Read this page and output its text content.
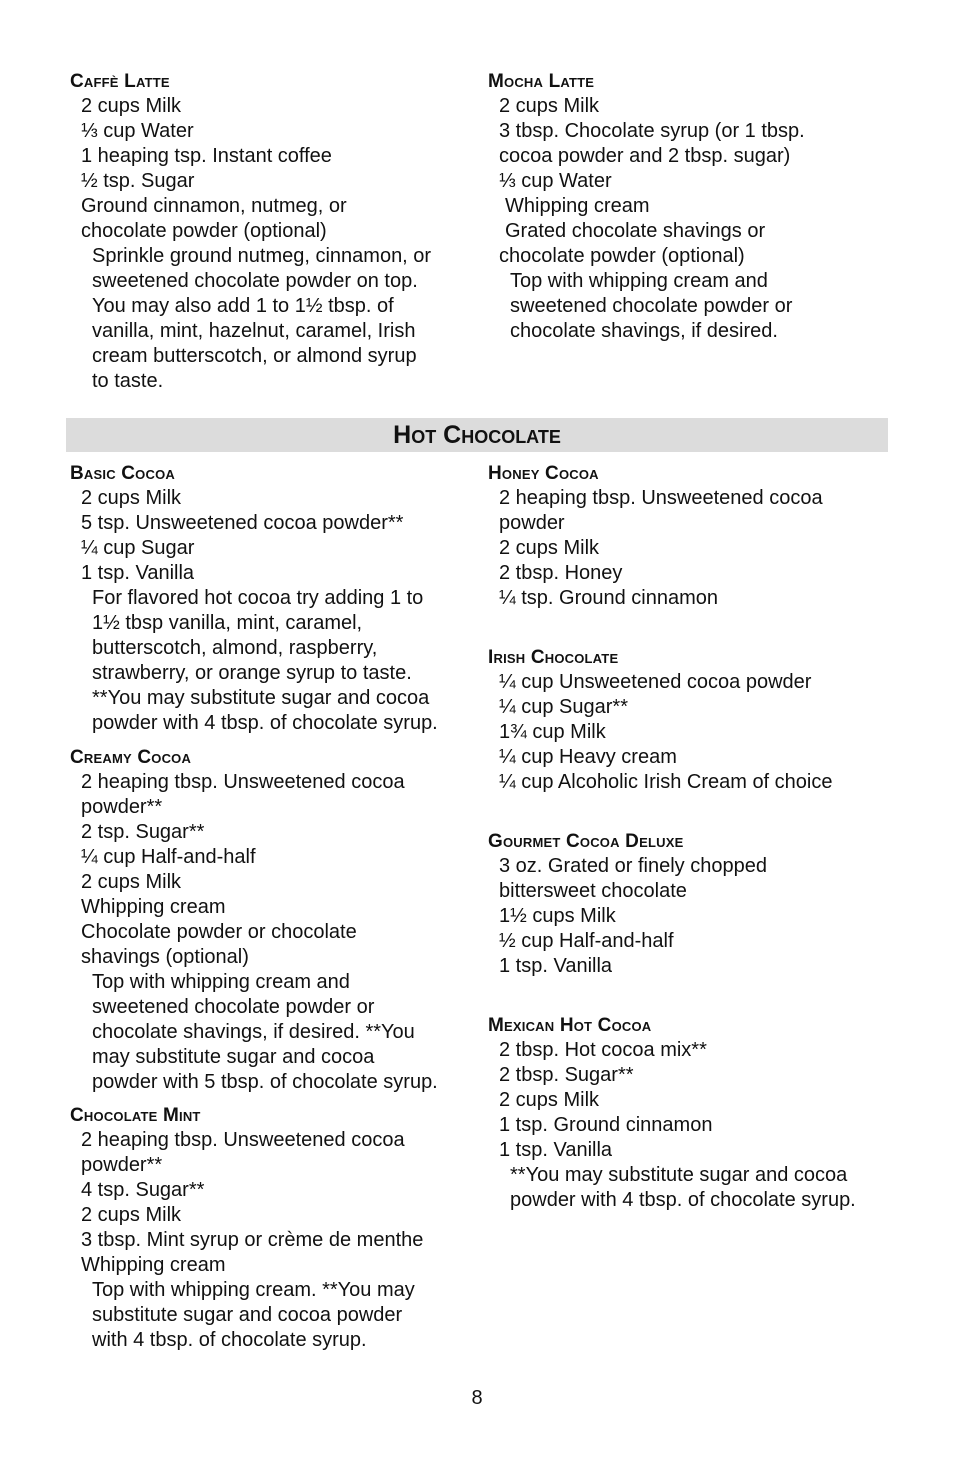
Caffè Latte

2 cups Milk

⅓ cup Water

1 heaping tsp. Instant coffee

½ tsp. Sugar

Ground cinnamon, nutmeg, or

chocolate powder (optional)

Sprinkle ground nutmeg, cinnamon, or

sweetened chocolate powder on top.

You may also add 1 to 1½ tbsp. of

vanilla, mint, hazelnut, caramel, Irish

cream butterscotch, or almond syrup

to taste.

Mocha Latte

2 cups Milk

3 tbsp. Chocolate syrup (or 1 tbsp.

cocoa powder and 2 tbsp. sugar)

⅓ cup Water

Whipping cream

Grated chocolate shavings or

chocolate powder (optional)

Top with whipping cream and

sweetened chocolate powder or

chocolate shavings, if desired.

Hot Chocolate
Basic Cocoa

2 cups Milk

5 tsp. Unsweetened cocoa powder**

¼ cup Sugar

1 tsp. Vanilla

For flavored hot cocoa try adding 1 to

1½ tbsp vanilla, mint, caramel,

butterscotch, almond, raspberry,

strawberry, or orange syrup to taste.

**You may substitute sugar and cocoa

powder with 4 tbsp. of chocolate syrup.

Creamy Cocoa

2 heaping tbsp. Unsweetened cocoa

powder**

2 tsp. Sugar**

¼ cup Half-and-half

2 cups Milk

Whipping cream

Chocolate powder or chocolate

shavings (optional)

Top with whipping cream and

sweetened chocolate powder or

chocolate shavings, if desired. **You

may substitute sugar and cocoa

powder with 5 tbsp. of chocolate syrup.

Chocolate Mint

2 heaping tbsp. Unsweetened cocoa

powder**

4 tsp. Sugar**

2 cups Milk

3 tbsp. Mint syrup or crème de menthe

Whipping cream

Top with whipping cream. **You may

substitute sugar and cocoa powder

with 4 tbsp. of chocolate syrup.

Honey Cocoa

2 heaping tbsp. Unsweetened cocoa

powder

2 cups Milk

2 tbsp. Honey

¼ tsp. Ground cinnamon

Irish Chocolate

¼ cup Unsweetened cocoa powder

¼ cup Sugar**

1¾ cup Milk

¼ cup Heavy cream

¼ cup Alcoholic Irish Cream of choice

Gourmet Cocoa Deluxe

3 oz. Grated or finely chopped

bittersweet chocolate

1½ cups Milk

½ cup Half-and-half

1 tsp. Vanilla

Mexican Hot Cocoa

2 tbsp. Hot cocoa mix**

2 tbsp. Sugar**

2 cups Milk

1 tsp. Ground cinnamon

1 tsp. Vanilla

**You may substitute sugar and cocoa

powder with 4 tbsp. of chocolate syrup.

8
